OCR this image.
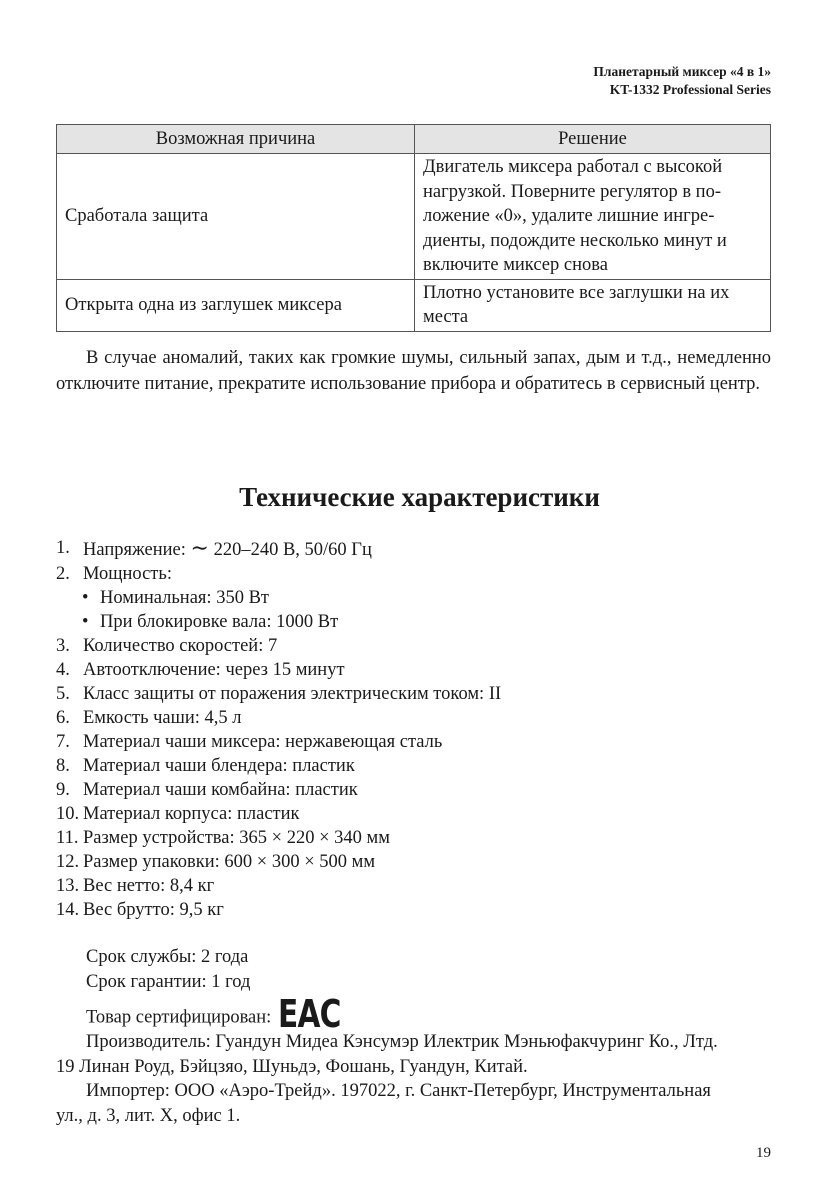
Планетарный миксер «4 в 1»
KT-1332 Professional Series
Возможная причина	Решение
Сработала защита	Двигатель миксера работал с высокой
нагрузкой. Поверните регулятор в по-
ложение «0», удалите лишние ингре-
диенты, подождите несколько минут и
включите миксер снова

Открыта одна из заглушек миксера	Плотно установите все заглушки на их
места

В случае аномалий, таких как громкие шумы, сильный запах, дым и т.д., немедленно отключите питание, прекратите использование прибора и обратитесь в сервисный центр.

Технические характеристики
1. Напряжение: ∼ 220–240 В, 50/60 Гц
2. Мощность:
• Номинальная: 350 Вт
• При блокировке вала: 1000 Вт
3. Количество скоростей: 7
4. Автоотключение: через 15 минут
5. Класс защиты от поражения электрическим током: II
6. Емкость чаши: 4,5 л
7. Материал чаши миксера: нержавеющая сталь
8. Материал чаши блендера: пластик
9. Материал чаши комбайна: пластик
10. Материал корпуса: пластик
11. Размер устройства: 365 × 220 × 340 мм
12. Размер упаковки: 600 × 300 × 500 мм
13. Вес нетто: 8,4 кг
14. Вес брутто: 9,5 кг

Срок службы: 2 года

Срок гарантии: 1 год

Товар сертифицирован: EAC

Производитель: Гуандун Мидеа Кэнсумэр Илектрик Мэньюфакчуринг Ко., Лтд.

19 Линан Роуд, Бэйцзяо, Шуньдэ, Фошань, Гуандун, Китай.

Импортер: ООО «Аэро-Трейд». 197022, г. Санкт-Петербург, Инструментальная

ул., д. 3, лит. Х, офис 1.

19
